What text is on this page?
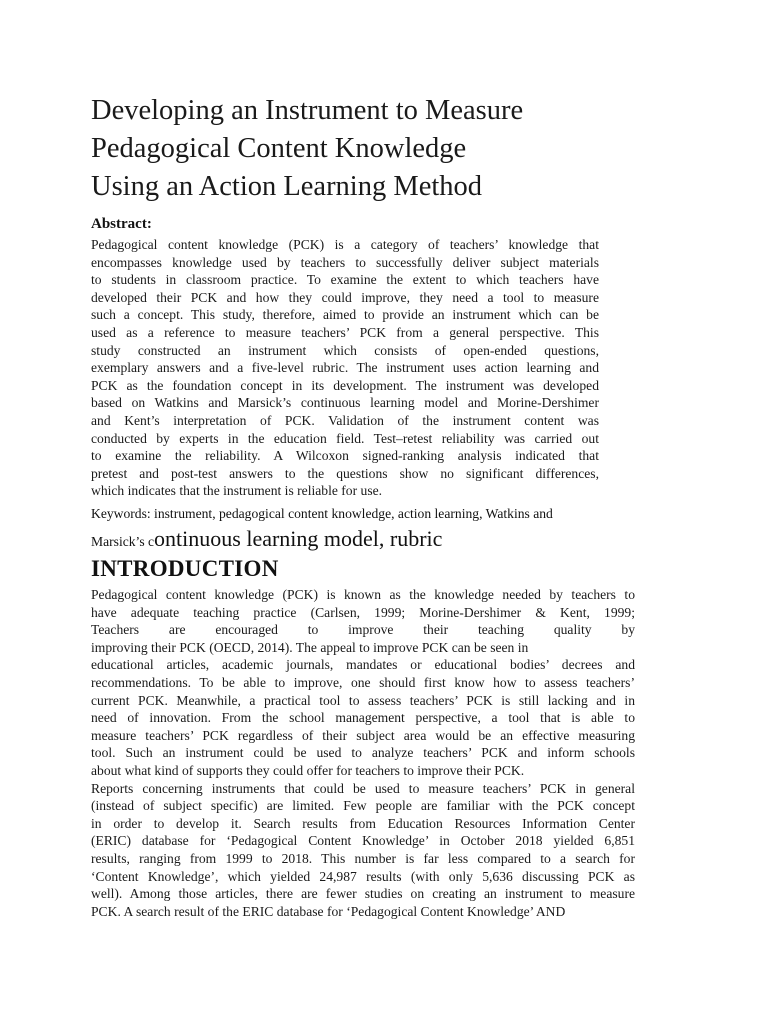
Developing an Instrument to Measure
Pedagogical Content Knowledge
Using an Action Learning Method
Abstract:
Pedagogical content knowledge (PCK) is a category of teachers’ knowledge that
encompasses knowledge used by teachers to successfully deliver subject materials
to students in classroom practice. To examine the extent to which teachers have
developed their PCK and how they could improve, they need a tool to measure
such a concept. This study, therefore, aimed to provide an instrument which can be
used as a reference to measure teachers’ PCK from a general perspective. This
study constructed an instrument which consists of open-ended questions,
exemplary answers and a five-level rubric. The instrument uses action learning and
PCK as the foundation concept in its development. The instrument was developed
based on Watkins and Marsick’s continuous learning model and Morine-Dershimer
and Kent’s interpretation of PCK. Validation of the instrument content was
conducted by experts in the education field. Test–retest reliability was carried out
to examine the reliability. A Wilcoxon signed-ranking analysis indicated that
pretest and post-test answers to the questions show no significant differences,
which indicates that the instrument is reliable for use.
Keywords: instrument, pedagogical content knowledge, action learning, Watkins and
Marsick’s continuous learning model, rubric
INTRODUCTION
Pedagogical content knowledge (PCK) is known as the knowledge needed by teachers to
have adequate teaching practice (Carlsen, 1999; Morine-Dershimer & Kent, 1999;
Teachers are encouraged to improve their teaching quality by
improving their PCK (OECD, 2014). The appeal to improve PCK can be seen in
educational articles, academic journals, mandates or educational bodies’ decrees and
recommendations. To be able to improve, one should first know how to assess teachers’
current PCK. Meanwhile, a practical tool to assess teachers’ PCK is still lacking and in
need of innovation. From the school management perspective, a tool that is able to
measure teachers’ PCK regardless of their subject area would be an effective measuring
tool. Such an instrument could be used to analyze teachers’ PCK and inform schools
about what kind of supports they could offer for teachers to improve their PCK.
Reports concerning instruments that could be used to measure teachers’ PCK in general
(instead of subject specific) are limited. Few people are familiar with the PCK concept
in order to develop it. Search results from Education Resources Information Center
(ERIC) database for ‘Pedagogical Content Knowledge’ in October 2018 yielded 6,851
results, ranging from 1999 to 2018. This number is far less compared to a search for
‘Content Knowledge’, which yielded 24,987 results (with only 5,636 discussing PCK as
well). Among those articles, there are fewer studies on creating an instrument to measure
PCK. A search result of the ERIC database for ‘Pedagogical Content Knowledge’ AND
